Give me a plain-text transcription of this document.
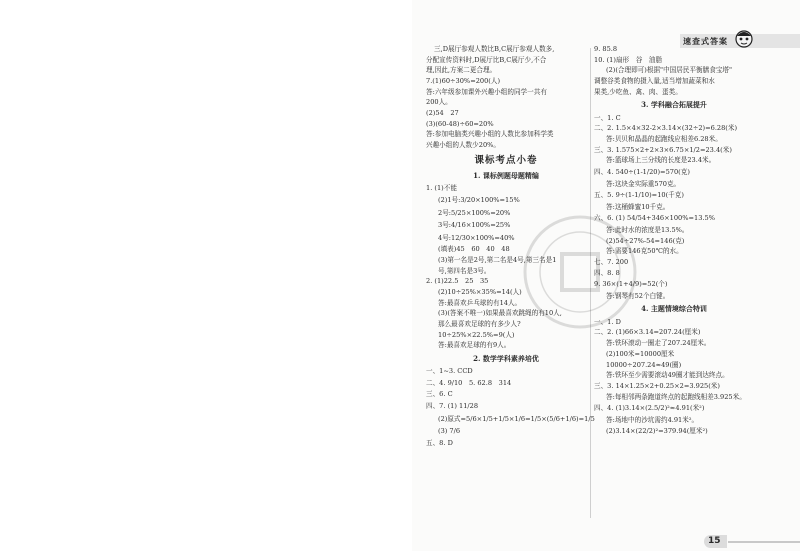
速查式答案
三,D展厅参观人数比B,C展厅参观人数多,
分配宣传资料时,D展厅比B,C展厅少,不合
理,因此,方案二更合理。
7.(1)60÷30%=200(人)
答:六年级参加课外兴趣小组的同学一共有
200人。
(2)54　27
(3)(60-48)÷60=20%
答:参加电脑类兴趣小组的人数比参加科学类
兴趣小组的人数少20%。
课标考点小卷
1. 课标例题母题精编
1. (1)不能
(2)1号:3/20×100%=15%
2号:5/25×100%=20%
3号:4/16×100%=25%
4号:12/30×100%=40%
(填表)45　60　40　48
(3)第一名是2号,第二名是4号,第三名是1
号,第四名是3号。
2. (1)22.5　25　35
(2)10÷25%×35%=14(人)
答:最喜欢乒乓球的有14人。
(3)(答案不唯一)如果最喜欢跳绳的有10人,
那么最喜欢足球的有多少人?
10÷25%×22.5%=9(人)
答:最喜欢足球的有9人。
2. 数学学科素养培优
一、1~3. CCD
二、4. 9/10　5. 62.8　314
三、6. C
四、7. (1) 11/28
(2)原式=5/6×1/5+1/5×1/6=1/5×(5/6+1/6)=1/5
(3) 7/6
五、8. D
9. 85.8
10. (1)扇形　谷　油脂
(2)(合理即可)根据"中国居民平衡膳食宝塔"
调整谷类食物的摄入量,适当增加蔬菜和水
果类,少吃鱼、禽、肉、蛋类。
3. 学科融合拓展提升
一、1. C
二、2. 1.5×4×32-2×3.14×(32÷2)=6.28(米)
答:贝贝和晶晶的起跑线应相差6.28米。
三、3. 1.575×2+2×3×6.75×1/2=23.4(米)
答:篮球场上三分线的长度是23.4米。
四、4. 540÷(1-1/20)=570(克)
答:这块金实际重570克。
五、5. 9÷(1-1/10)=10(千克)
答:这桶蜂蜜10千克。
六、6. (1) 54/54+346×100%=13.5%
答:此时水的浓度是13.5%。
(2)54÷27%-54=146(克)
答:需要146克50℃的水。
七、7. 200
四、8. 8
9. 36×(1+4/9)=52(个)
答:钢琴有52个白键。
4. 主题情境综合特训
一、1. D
二、2. (1)66×3.14=207.24(厘米)
答:铁环滚动一圈走了207.24厘米。
(2)100米=10000厘米
10000÷207.24≈49(圈)
答:铁环至少需要滚动49圈才能到达终点。
三、3. 14×1.25×2+0.25×2=3.925(米)
答:每相邻两条跑道终点的起跑线相差3.925米。
四、4. (1)3.14×(2.5/2)²≈4.91(米²)
答:场地中的沙坑需约4.91米²。
(2)3.14×(22/2)²=379.94(厘米²)
15
